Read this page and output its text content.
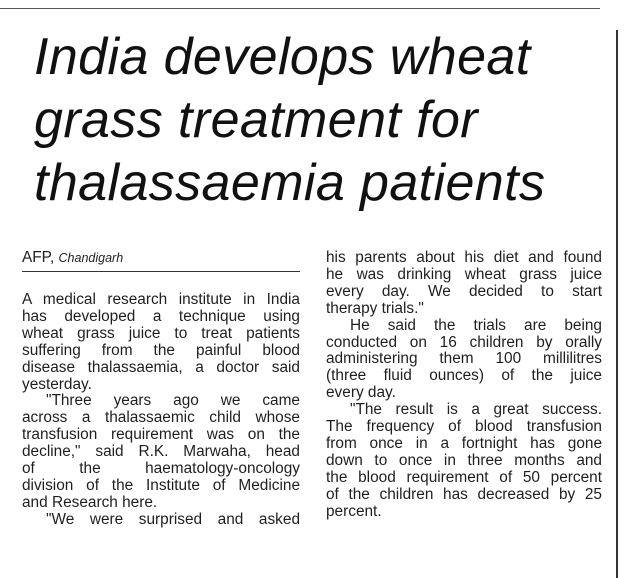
India develops wheat
grass treatment for
thalassaemia patients
AFP, Chandigarh
A medical research institute in India
has developed a technique using
wheat grass juice to treat patients
suffering from the painful blood
disease thalassaemia, a doctor said
yesterday.
"Three years ago we came
across a thalassaemic child whose
transfusion requirement was on the
decline," said R.K. Marwaha, head
of the haematology-oncology
division of the Institute of Medicine
and Research here.
"We were surprised and asked
his parents about his diet and found
he was drinking wheat grass juice
every day. We decided to start
therapy trials."
He said the trials are being
conducted on 16 children by orally
administering them 100 millilitres
(three fluid ounces) of the juice
every day.
"The result is a great success.
The frequency of blood transfusion
from once in a fortnight has gone
down to once in three months and
the blood requirement of 50 percent
of the children has decreased by 25
percent.
